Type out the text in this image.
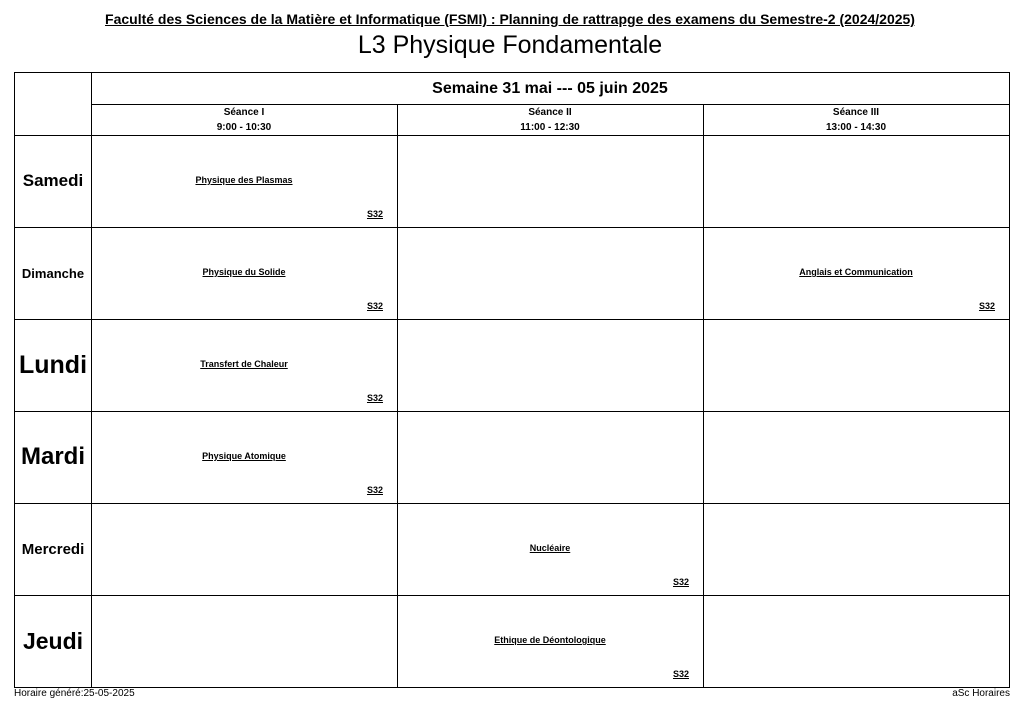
Faculté des Sciences de la Matière et Informatique (FSMI) : Planning de rattrapge des examens du Semestre-2 (2024/2025)
L3 Physique Fondamentale
Semaine 31 mai --- 05 juin 2025
Séance I
9:00 - 10:30
Séance II
11:00 - 12:30
Séance III
13:00 - 14:30
Samedi
Dimanche
Lundi
Mardi
Mercredi
Jeudi
Physique des Plasmas
S32
Physique du Solide
S32
Anglais et Communication
S32
Transfert de Chaleur
S32
Physique Atomique
S32
Nucléaire
S32
Ethique de Déontologique
S32
Horaire généré:25-05-2025	aSc Horaires
